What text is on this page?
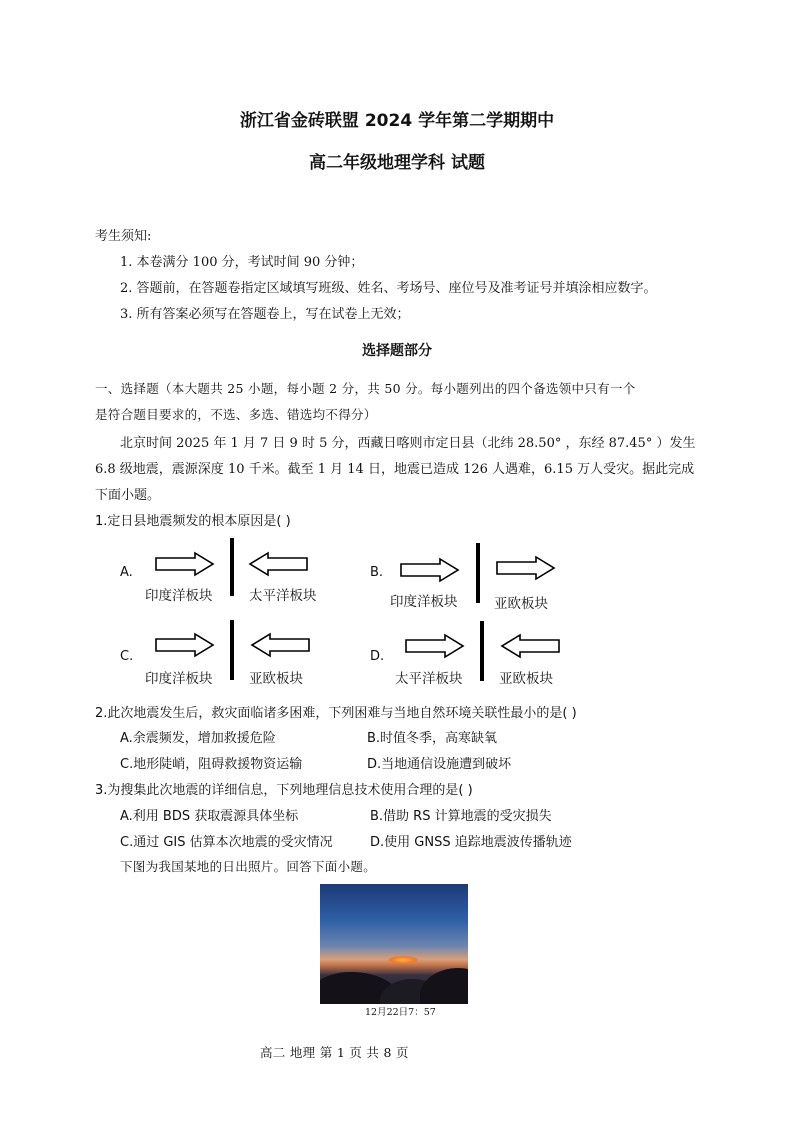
浙江省金砖联盟 2024 学年第二学期期中
高二年级地理学科 试题
考生须知:
1. 本卷满分 100 分，考试时间 90 分钟；
2. 答题前，在答题卷指定区域填写班级、姓名、考场号、座位号及准考证号并填涂相应数字。
3. 所有答案必须写在答题卷上，写在试卷上无效；
选择题部分
一、选择题（本大题共 25 小题，每小题 2 分，共 50 分。每小题列出的四个备选领中只有一个
是符合题目要求的，不选、多选、错选均不得分）
北京时间 2025 年 1 月 7 日 9 时 5 分，西藏日喀则市定日县（北纬 28.50° ，东经 87.45° ）发生
6.8 级地震，震源深度 10 千米。截至 1 月 14 日，地震已造成 126 人遇难，6.15 万人受灾。据此完成
下面小题。
1.定日县地震频发的根本原因是( )
A.
印度洋板块	太平洋板块
B.
印度洋板块	亚欧板块
C.
印度洋板块	亚欧板块
D.
太平洋板块	亚欧板块
2.此次地震发生后，救灾面临诸多困难，下列困难与当地自然环境关联性最小的是( )
A.余震频发，增加救援危险	B.时值冬季，高寒缺氧
C.地形陡峭，阻碍救援物资运输	D.当地通信设施遭到破坏
3.为搜集此次地震的详细信息，下列地理信息技术使用合理的是( )
A.利用 BDS 获取震源具体坐标	B.借助 RS 计算地震的受灾损失
C.通过 GIS 估算本次地震的受灾情况	D.使用 GNSS 追踪地震波传播轨迹
下图为我国某地的日出照片。回答下面小题。
12月22日7：57
高二 地理 第 1 页 共 8 页
